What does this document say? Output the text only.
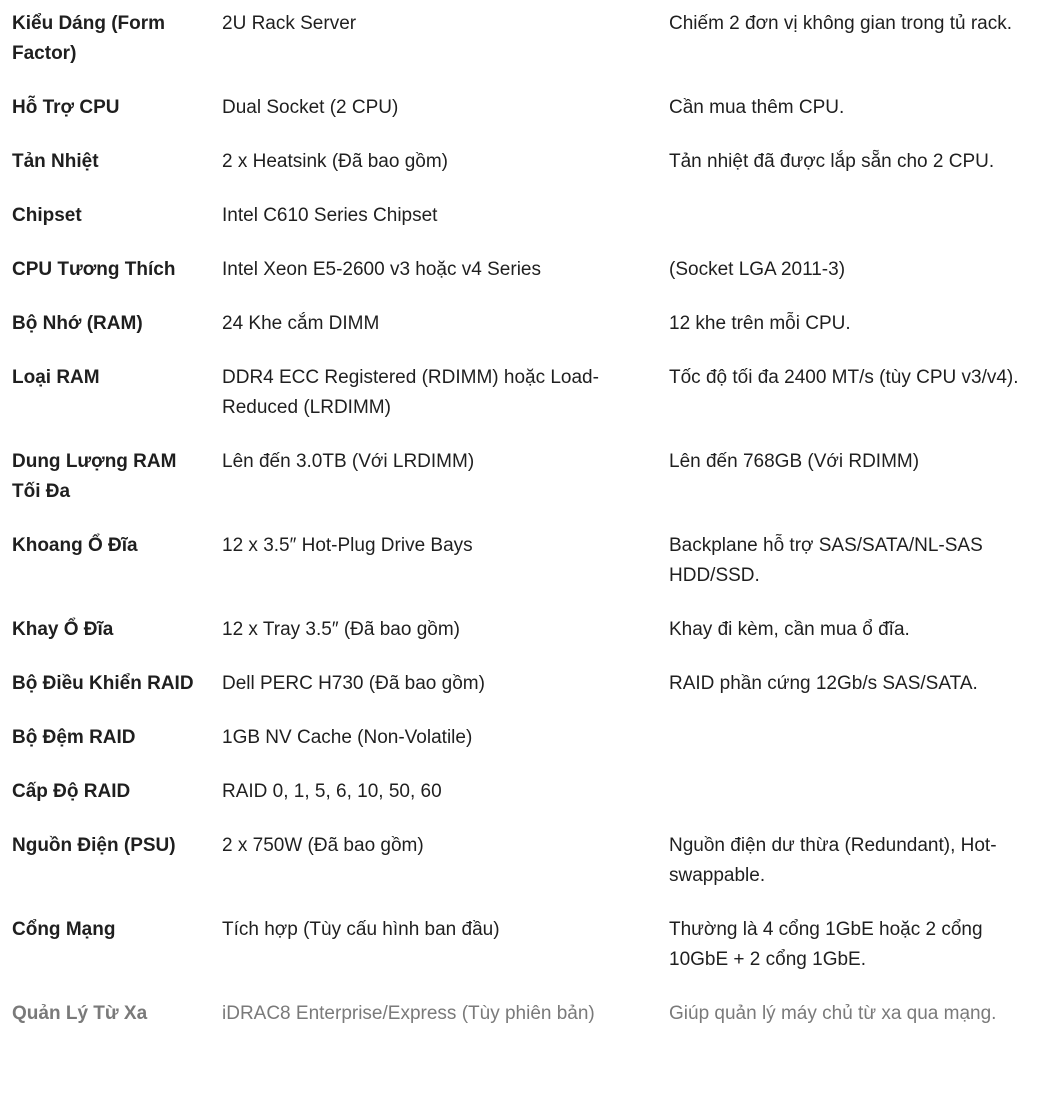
Kiểu Dáng (Form Factor)	2U Rack Server	Chiếm 2 đơn vị không gian trong tủ rack.
Hỗ Trợ CPU	Dual Socket (2 CPU)	Cần mua thêm CPU.
Tản Nhiệt	2 x Heatsink (Đã bao gồm)	Tản nhiệt đã được lắp sẵn cho 2 CPU.
Chipset	Intel C610 Series Chipset	
CPU Tương Thích	Intel Xeon E5-2600 v3 hoặc v4 Series	(Socket LGA 2011-3)
Bộ Nhớ (RAM)	24 Khe cắm DIMM	12 khe trên mỗi CPU.
Loại RAM	DDR4 ECC Registered (RDIMM) hoặc Load-Reduced (LRDIMM)	Tốc độ tối đa 2400 MT/s (tùy CPU v3/v4).
Dung Lượng RAM Tối Đa	Lên đến 3.0TB (Với LRDIMM)	Lên đến 768GB (Với RDIMM)
Khoang Ổ Đĩa	12 x 3.5″ Hot-Plug Drive Bays	Backplane hỗ trợ SAS/SATA/NL-SAS HDD/SSD.
Khay Ổ Đĩa	12 x Tray 3.5″ (Đã bao gồm)	Khay đi kèm, cần mua ổ đĩa.
Bộ Điều Khiển RAID	Dell PERC H730 (Đã bao gồm)	RAID phần cứng 12Gb/s SAS/SATA.
Bộ Đệm RAID	1GB NV Cache (Non-Volatile)	
Cấp Độ RAID	RAID 0, 1, 5, 6, 10, 50, 60	
Nguồn Điện (PSU)	2 x 750W (Đã bao gồm)	Nguồn điện dư thừa (Redundant), Hot-swappable.
Cổng Mạng	Tích hợp (Tùy cấu hình ban đầu)	Thường là 4 cổng 1GbE hoặc 2 cổng 10GbE + 2 cổng 1GbE.
Quản Lý Từ Xa	iDRAC8 Enterprise/Express (Tùy phiên bản)	Giúp quản lý máy chủ từ xa qua mạng.
